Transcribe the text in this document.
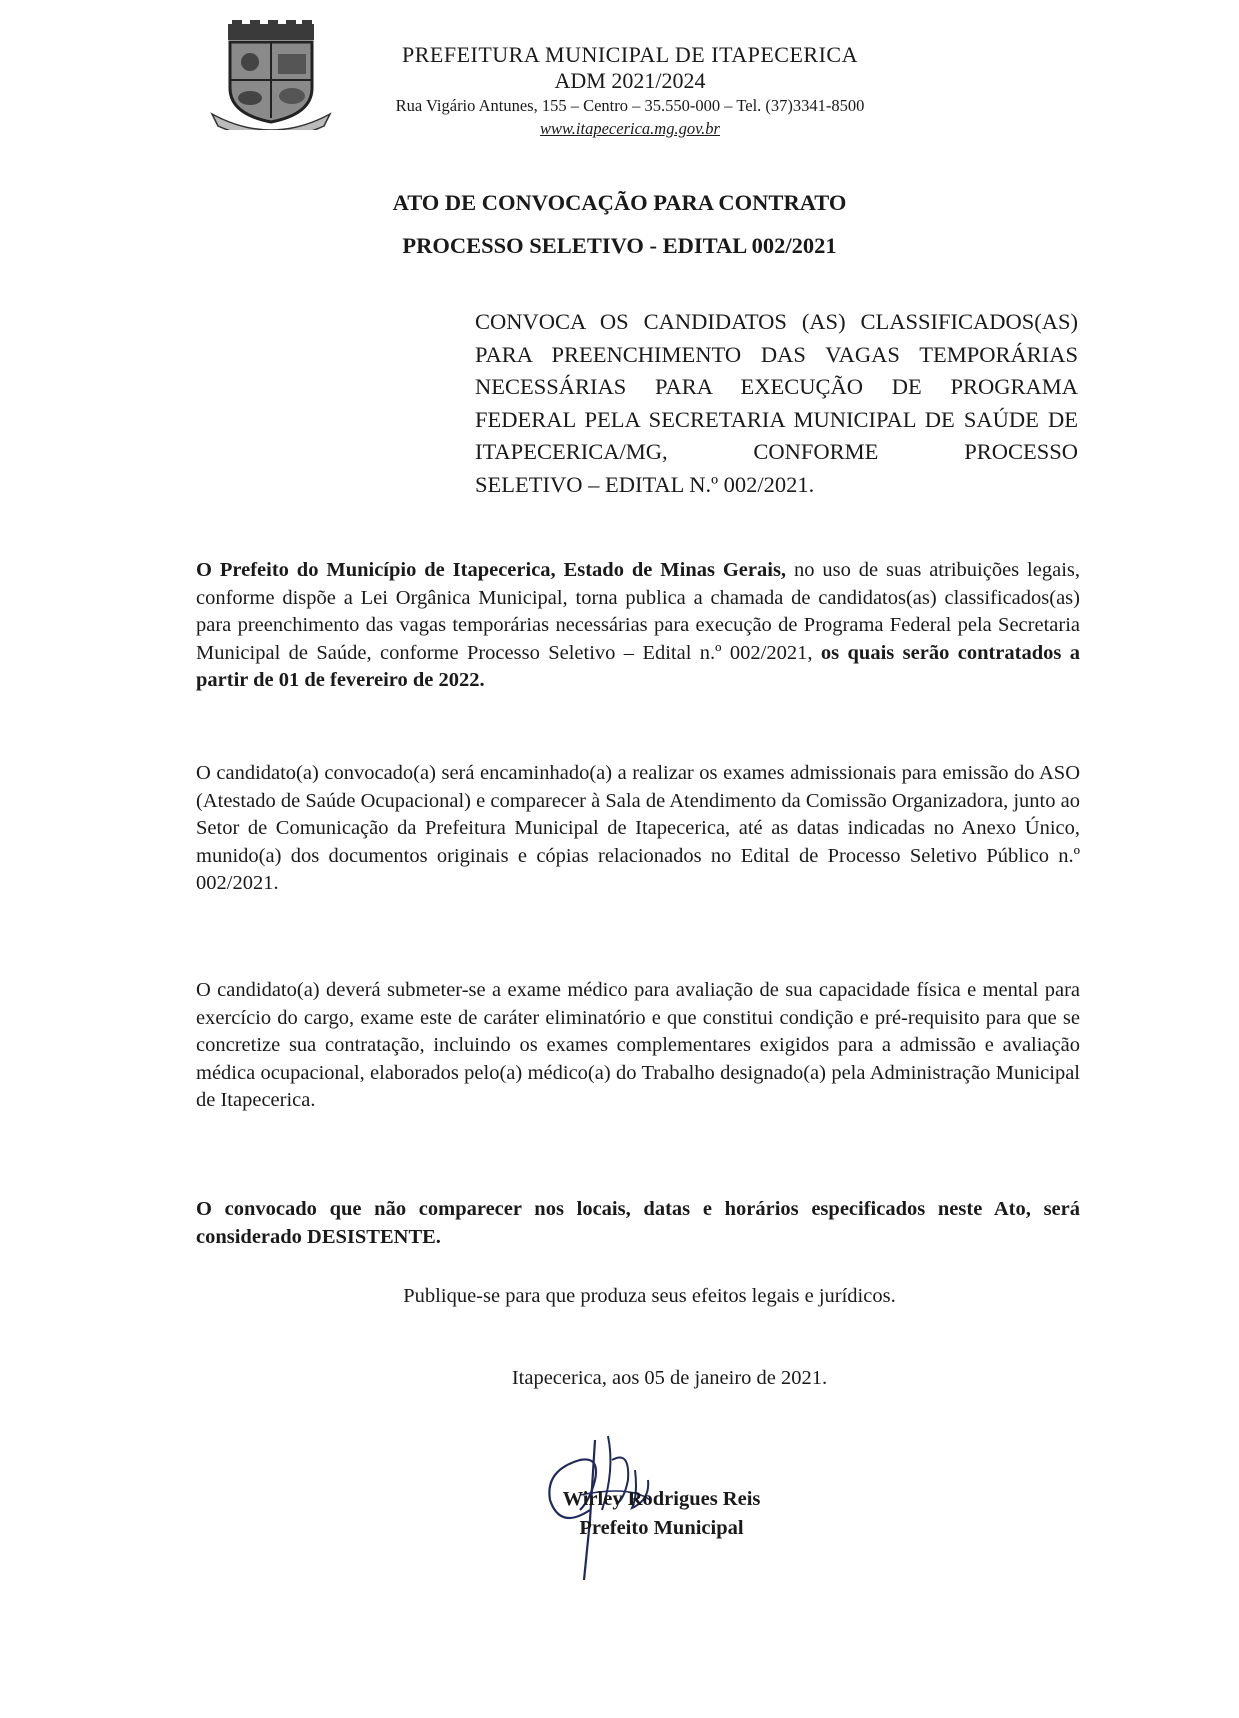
PREFEITURA MUNICIPAL DE ITAPECERICA
ADM 2021/2024
Rua Vigário Antunes, 155 – Centro – 35.550-000 – Tel. (37)3341-8500
www.itapecerica.mg.gov.br
ATO DE CONVOCAÇÃO PARA CONTRATO
PROCESSO SELETIVO - EDITAL 002/2021
CONVOCA OS CANDIDATOS (AS) CLASSIFICADOS(AS) PARA PREENCHIMENTO DAS VAGAS TEMPORÁRIAS NECESSÁRIAS PARA EXECUÇÃO DE PROGRAMA FEDERAL PELA SECRETARIA MUNICIPAL DE SAÚDE DE ITAPECERICA/MG, CONFORME PROCESSO
SELETIVO – EDITAL N.º 002/2021.
O Prefeito do Município de Itapecerica, Estado de Minas Gerais, no uso de suas atribuições legais, conforme dispõe a Lei Orgânica Municipal, torna publica a chamada de candidatos(as) classificados(as) para preenchimento das vagas temporárias necessárias para execução de Programa Federal pela Secretaria Municipal de Saúde, conforme Processo Seletivo – Edital n.º 002/2021, os quais serão contratados a partir de 01 de fevereiro de 2022.
O candidato(a) convocado(a) será encaminhado(a) a realizar os exames admissionais para emissão do ASO (Atestado de Saúde Ocupacional) e comparecer à Sala de Atendimento da Comissão Organizadora, junto ao Setor de Comunicação da Prefeitura Municipal de Itapecerica, até as datas indicadas no Anexo Único, munido(a) dos documentos originais e cópias relacionados no Edital de Processo Seletivo Público n.º 002/2021.
O candidato(a) deverá submeter-se a exame médico para avaliação de sua capacidade física e mental para exercício do cargo, exame este de caráter eliminatório e que constitui condição e pré-requisito para que se concretize sua contratação, incluindo os exames complementares exigidos para a admissão e avaliação médica ocupacional, elaborados pelo(a) médico(a) do Trabalho designado(a) pela Administração Municipal de Itapecerica.
O convocado que não comparecer nos locais, datas e horários especificados neste Ato, será considerado DESISTENTE.
Publique-se para que produza seus efeitos legais e jurídicos.
Itapecerica, aos 05 de janeiro de 2021.
Wirley Rodrigues Reis
Prefeito Municipal
